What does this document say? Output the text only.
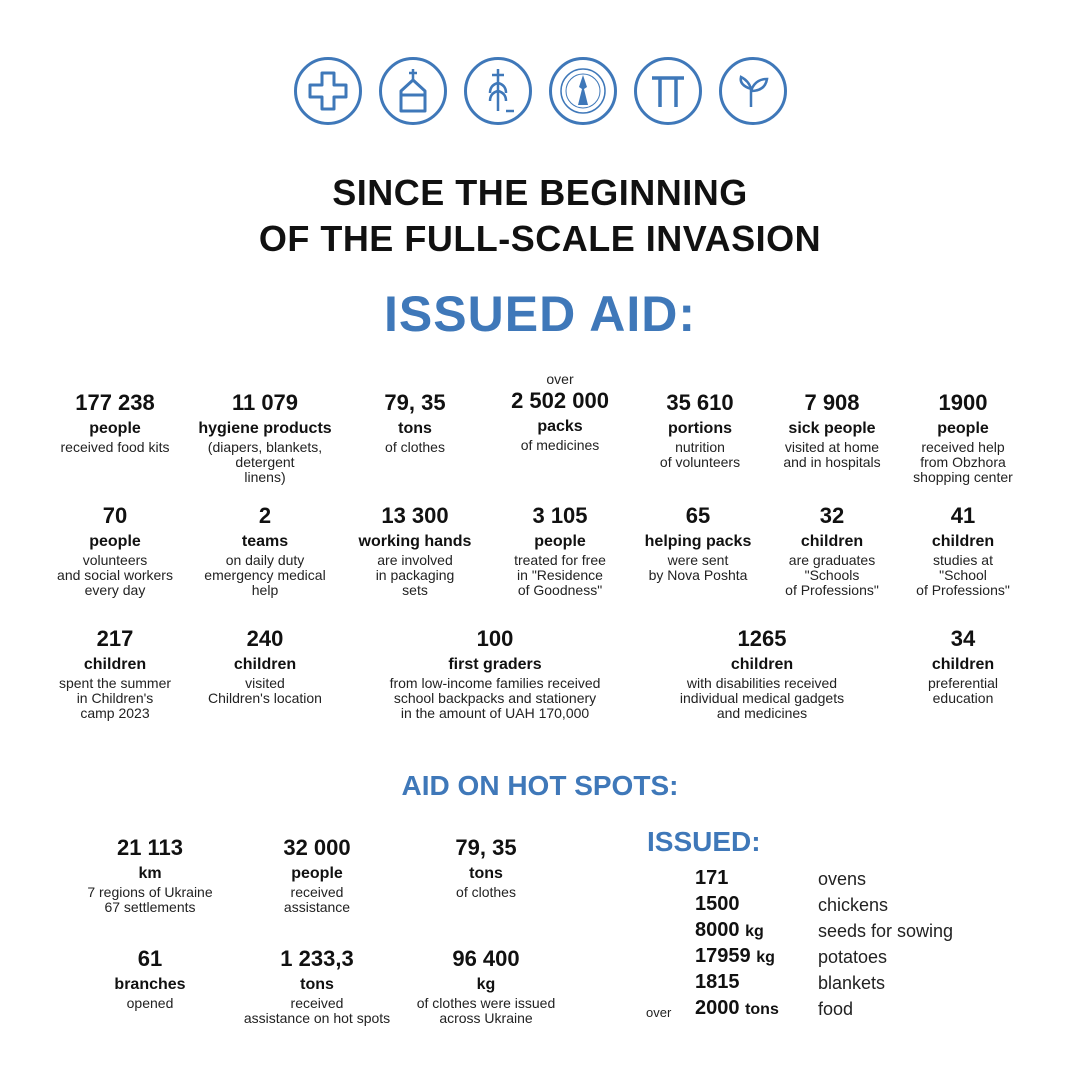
SINCE THE BEGINNING
OF THE FULL-SCALE INVASION
ISSUED AID:
177 238
people
received food kits
11 079
hygiene products
(diapers, blankets,
detergent
linens)
79, 35
tons
of clothes
over
2 502 000
packs
of medicines
35 610
portions
nutrition
of volunteers
7 908
sick people
visited at home
and in hospitals
1900
people
received help
from Obzhora
shopping center
70
people
volunteers
and social workers
every day
2
teams
on daily duty
emergency medical
help
13 300
working hands
are involved
in packaging
sets
3 105
people
treated for free
in "Residence
of Goodness"
65
helping packs
were sent
by Nova Poshta
32
children
are graduates
"Schools
of Professions"
41
children
studies at
"School
of Professions"
217
children
spent the summer
in Children's
camp 2023
240
children
visited
Children's location
100
first graders
from low-income families received
school backpacks and stationery
in the amount of UAH 170,000
1265
children
with disabilities received
individual medical gadgets
and medicines
34
children
preferential
education
AID ON HOT SPOTS:
21 113
km
7 regions of Ukraine
67 settlements
32 000
people
received
assistance
79, 35
tons
of clothes
61
branches
opened
1 233,3
tons
received
assistance on hot spots
96 400
kg
of clothes were issued
across Ukraine
ISSUED:
171	ovens
1500	chickens
8000 kg	seeds for sowing
17959 kg potatoes
1815	blankets
over 2000 tons food
